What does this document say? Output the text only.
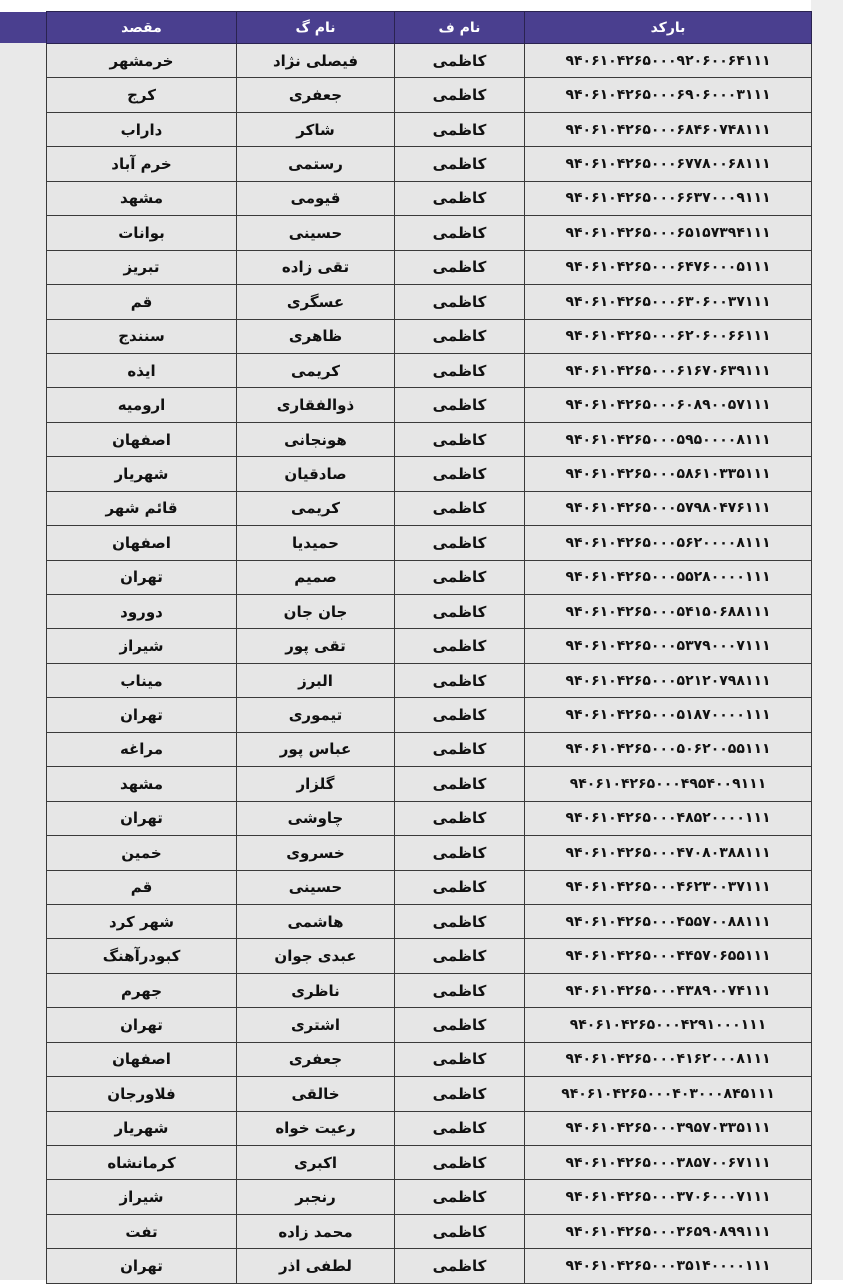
بارکد	نام ف	نام گ	مقصد
۹۴۰۶۱۰۴۲۶۵۰۰۰۹۲۰۶۰۰۶۴۱۱۱	کاظمی	فیصلی نژاد	خرمشهر
۹۴۰۶۱۰۴۲۶۵۰۰۰۶۹۰۶۰۰۰۳۱۱۱	کاظمی	جعفری	کرج
۹۴۰۶۱۰۴۲۶۵۰۰۰۶۸۴۶۰۷۴۸۱۱۱	کاظمی	شاکر	داراب
۹۴۰۶۱۰۴۲۶۵۰۰۰۶۷۷۸۰۰۶۸۱۱۱	کاظمی	رستمی	خرم آباد
۹۴۰۶۱۰۴۲۶۵۰۰۰۶۶۳۷۰۰۰۹۱۱۱	کاظمی	قیومی	مشهد
۹۴۰۶۱۰۴۲۶۵۰۰۰۶۵۱۵۷۳۹۴۱۱۱	کاظمی	حسینی	بوانات
۹۴۰۶۱۰۴۲۶۵۰۰۰۶۴۷۶۰۰۰۵۱۱۱	کاظمی	تقی زاده	تبریز
۹۴۰۶۱۰۴۲۶۵۰۰۰۶۳۰۶۰۰۳۷۱۱۱	کاظمی	عسگری	قم
۹۴۰۶۱۰۴۲۶۵۰۰۰۶۲۰۶۰۰۶۶۱۱۱	کاظمی	ظاهری	سنندج
۹۴۰۶۱۰۴۲۶۵۰۰۰۶۱۶۷۰۶۳۹۱۱۱	کاظمی	کریمی	ایذه
۹۴۰۶۱۰۴۲۶۵۰۰۰۶۰۸۹۰۰۵۷۱۱۱	کاظمی	ذوالفقاری	ارومیه
۹۴۰۶۱۰۴۲۶۵۰۰۰۵۹۵۰۰۰۰۸۱۱۱	کاظمی	هونجانی	اصفهان
۹۴۰۶۱۰۴۲۶۵۰۰۰۵۸۶۱۰۳۳۵۱۱۱	کاظمی	صادقیان	شهریار
۹۴۰۶۱۰۴۲۶۵۰۰۰۵۷۹۸۰۴۷۶۱۱۱	کاظمی	کریمی	قائم شهر
۹۴۰۶۱۰۴۲۶۵۰۰۰۵۶۲۰۰۰۰۸۱۱۱	کاظمی	حمیدیا	اصفهان
۹۴۰۶۱۰۴۲۶۵۰۰۰۵۵۲۸۰۰۰۰۱۱۱	کاظمی	صمیم	تهران
۹۴۰۶۱۰۴۲۶۵۰۰۰۵۴۱۵۰۶۸۸۱۱۱	کاظمی	جان جان	دورود
۹۴۰۶۱۰۴۲۶۵۰۰۰۵۳۷۹۰۰۰۷۱۱۱	کاظمی	تقی پور	شیراز
۹۴۰۶۱۰۴۲۶۵۰۰۰۵۲۱۲۰۷۹۸۱۱۱	کاظمی	البرز	میناب
۹۴۰۶۱۰۴۲۶۵۰۰۰۵۱۸۷۰۰۰۰۱۱۱	کاظمی	تیموری	تهران
۹۴۰۶۱۰۴۲۶۵۰۰۰۵۰۶۲۰۰۵۵۱۱۱	کاظمی	عباس پور	مراغه
۹۴۰۶۱۰۴۲۶۵۰۰۰۴۹۵۴۰۰۹۱۱۱	کاظمی	گلزار	مشهد
۹۴۰۶۱۰۴۲۶۵۰۰۰۴۸۵۲۰۰۰۰۱۱۱	کاظمی	چاوشی	تهران
۹۴۰۶۱۰۴۲۶۵۰۰۰۴۷۰۸۰۳۸۸۱۱۱	کاظمی	خسروی	خمین
۹۴۰۶۱۰۴۲۶۵۰۰۰۴۶۲۳۰۰۳۷۱۱۱	کاظمی	حسینی	قم
۹۴۰۶۱۰۴۲۶۵۰۰۰۴۵۵۷۰۰۸۸۱۱۱	کاظمی	هاشمی	شهر کرد
۹۴۰۶۱۰۴۲۶۵۰۰۰۴۴۵۷۰۶۵۵۱۱۱	کاظمی	عبدی جوان	کبودرآهنگ
۹۴۰۶۱۰۴۲۶۵۰۰۰۴۳۸۹۰۰۷۴۱۱۱	کاظمی	ناظری	جهرم
۹۴۰۶۱۰۴۲۶۵۰۰۰۴۲۹۱۰۰۰۱۱۱	کاظمی	اشتری	تهران
۹۴۰۶۱۰۴۲۶۵۰۰۰۴۱۶۲۰۰۰۸۱۱۱	کاظمی	جعفری	اصفهان
۹۴۰۶۱۰۴۲۶۵۰۰۰۴۰۳۰۰۰۸۴۵۱۱۱	کاظمی	خالقی	فلاورجان
۹۴۰۶۱۰۴۲۶۵۰۰۰۳۹۵۷۰۳۳۵۱۱۱	کاظمی	رعیت خواه	شهریار
۹۴۰۶۱۰۴۲۶۵۰۰۰۳۸۵۷۰۰۶۷۱۱۱	کاظمی	اکبری	کرمانشاه
۹۴۰۶۱۰۴۲۶۵۰۰۰۳۷۰۶۰۰۰۷۱۱۱	کاظمی	رنجبر	شیراز
۹۴۰۶۱۰۴۲۶۵۰۰۰۳۶۵۹۰۸۹۹۱۱۱	کاظمی	محمد زاده	تفت
۹۴۰۶۱۰۴۲۶۵۰۰۰۳۵۱۴۰۰۰۰۱۱۱	کاظمی	لطفی اذر	تهران
